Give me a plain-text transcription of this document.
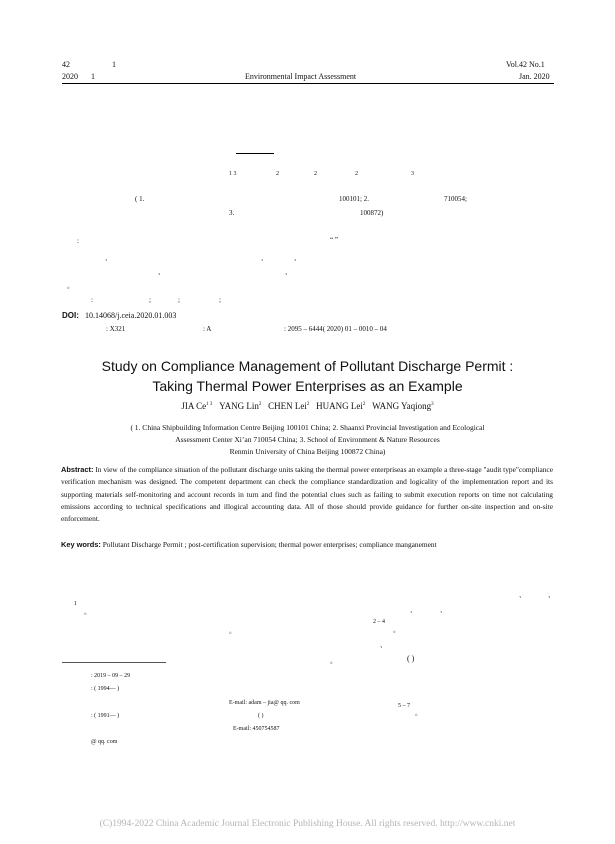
42	1
2020 1	Environmental Impact Assessment
Vol.42 No.1
Jan. 2020
1 3	2	2	2	3
( 1.	100101; 2.	710054;
3.	100872)
:	“ ”
、	、	、
、	、
。
:	;	;	;
DOI: 10.14068/j.ceia.2020.01.003
: X321	: A	: 2095 – 6444( 2020) 01 – 0010 – 04
Study on Compliance Management of Pollutant Discharge Permit :
Taking Thermal Power Enterprises as an Example
JIA $Ce^{1 3}$ YANG Lin$^2$ CHEN Lei$^2$ HUANG Lei$^2$ WANG Yaqiong$^3$
( 1. China Shipbuilding Information Centre Beijing 100101 China; 2. Shaanxi Provincial Investigation and Ecological
Assessment Center Xi’an 710054 China; 3. School of Environment & Nature Resources
Renmin University of China Beijing 100872 China)
Abstract: In view of the compliance situation of the pollutant discharge units taking the thermal power enterpriseas an example a three-stage "audit type"compliance verification mechanism was designed. The competent department can check the compliance standardization and logicality of the implementation report and its supporting materials self-monitoring and account records in turn and find the potential clues such as failing to submit execution reports on time not calculating emissions according to technical specifications and illogical accounting data. All of those should provide guidance for further on-site inspection and on-site enforcement.
Key words: Pollutant Discharge Permit ; post-certification supervision; thermal power enterprises; compliance manganement
1
。
。
、	、
、	、
2 – 4
。
、
。	( )
5 – 7
。
: 2019 – 09 – 29
: ( 1994— )
E-mail: adam – jia@ qq. com
: ( 1991— )	( )
E-mail: 450754587
@ qq. com
(C)1994-2022 China Academic Journal Electronic Publishing House. All rights reserved. http://www.cnki.net
